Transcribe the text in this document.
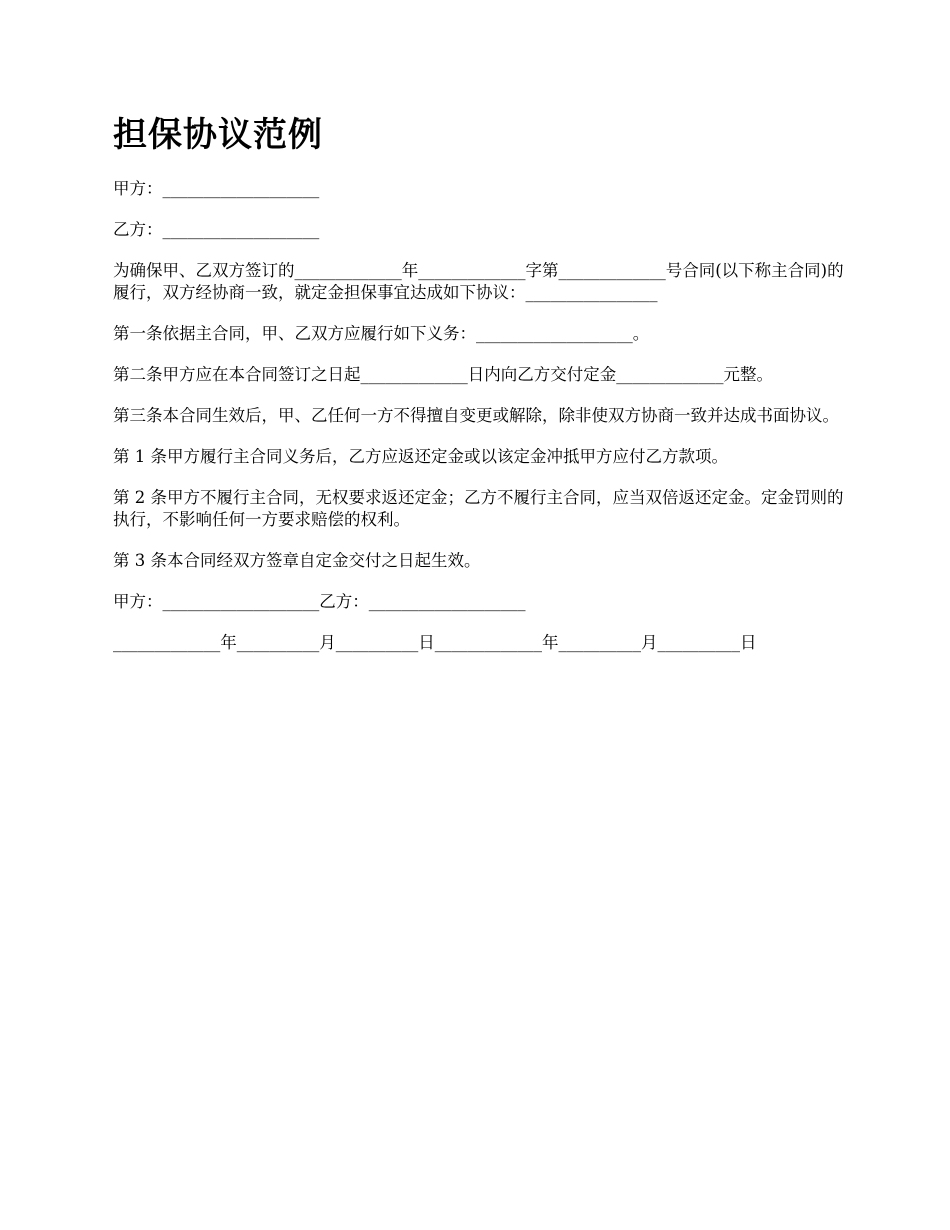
担保协议范例

甲方：___________________

乙方：___________________

为确保甲、乙双方签订的_____________年_____________字第_____________号合同(以下称主合同)的履行，双方经协商一致，就定金担保事宜达成如下协议：________________

第一条依据主合同，甲、乙双方应履行如下义务：___________________。

第二条甲方应在本合同签订之日起_____________日内向乙方交付定金_____________元整。

第三条本合同生效后，甲、乙任何一方不得擅自变更或解除，除非使双方协商一致并达成书面协议。

第 1 条甲方履行主合同义务后，乙方应返还定金或以该定金冲抵甲方应付乙方款项。

第 2 条甲方不履行主合同，无权要求返还定金；乙方不履行主合同，应当双倍返还定金。定金罚则的执行，不影响任何一方要求赔偿的权利。

第 3 条本合同经双方签章自定金交付之日起生效。

甲方：___________________乙方：___________________

_____________年__________月__________日_____________年__________月__________日
